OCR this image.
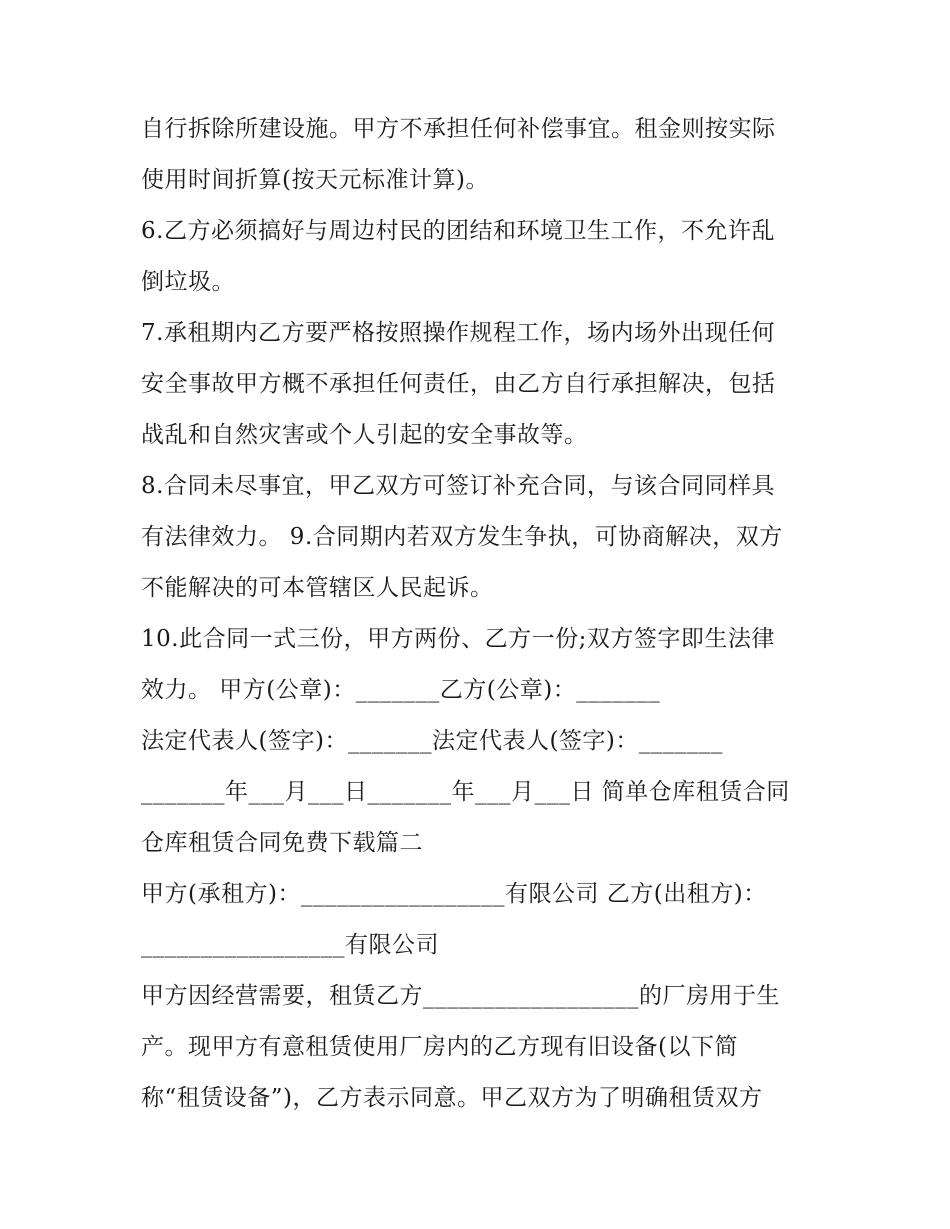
自行拆除所建设施。甲方不承担任何补偿事宜。租金则按实际
使用时间折算(按天元标准计算)。
6.乙方必须搞好与周边村民的团结和环境卫生工作，不允许乱
倒垃圾。
7.承租期内乙方要严格按照操作规程工作，场内场外出现任何
安全事故甲方概不承担任何责任，由乙方自行承担解决，包括
战乱和自然灾害或个人引起的安全事故等。
8.合同未尽事宜，甲乙双方可签订补充合同，与该合同同样具
有法律效力。 9.合同期内若双方发生争执，可协商解决，双方
不能解决的可本管辖区人民起诉。
10.此合同一式三份，甲方两份、乙方一份;双方签字即生法律
效力。 甲方(公章)：_______乙方(公章)：_______
法定代表人(签字)：_______法定代表人(签字)：_______
_______年___月___日_______年___月___日 简单仓库租赁合同
仓库租赁合同免费下载篇二
甲方(承租方)：_________________有限公司 乙方(出租方)：
_________________有限公司
甲方因经营需要，租赁乙方__________________的厂房用于生
产。现甲方有意租赁使用厂房内的乙方现有旧设备(以下简
称“租赁设备”)，乙方表示同意。甲乙双方为了明确租赁双方
